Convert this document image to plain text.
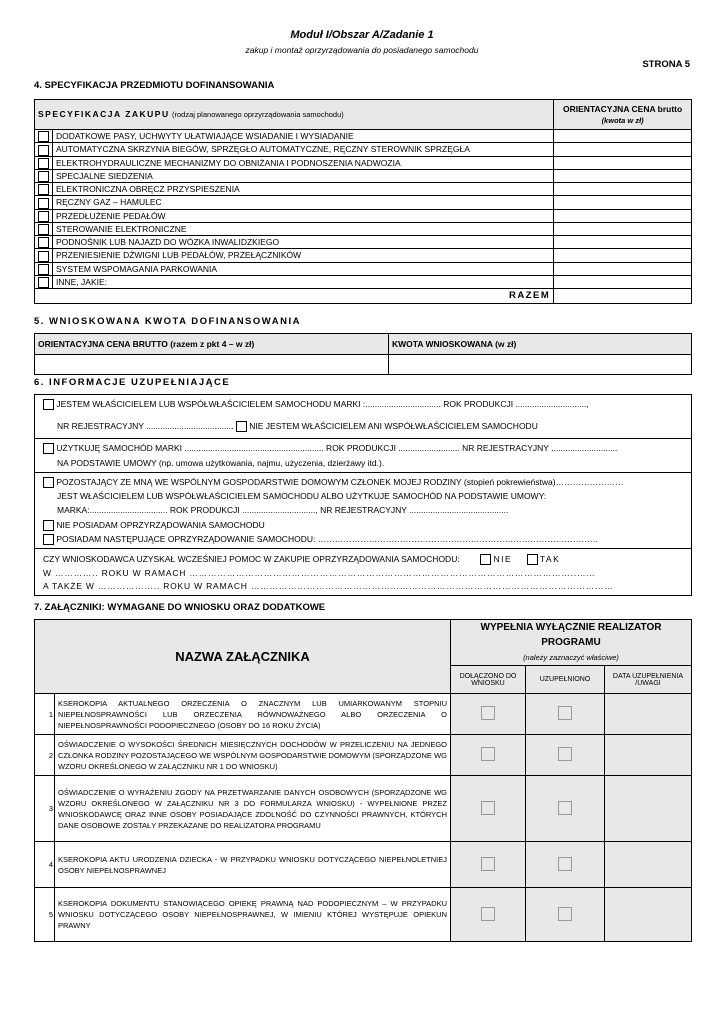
Moduł I/Obszar A/Zadanie 1
zakup i montaż oprzyrządowania do posiadanego samochodu
STRONA 5
4. SPECYFIKACJA PRZEDMIOTU DOFINANSOWANIA
SPECYFIKACJA ZAKUPU (rodzaj planowanego oprzyrządowania samochodu)		ORIENTACYJNA CENA brutto
(kwota w zł)
	DODATKOWE PASY, UCHWYTY UŁATWIAJĄCE WSIADANIE I WYSIADANIE	
	AUTOMATYCZNA SKRZYNIA BIEGÓW, SPRZĘGŁO AUTOMATYCZNE, RĘCZNY STEROWNIK SPRZĘGŁA	
	ELEKTROHYDRAULICZNE MECHANIZMY DO OBNIŻANIA I PODNOSZENIA NADWOZIA	
	SPECJALNE SIEDZENIA	
	ELEKTRONICZNA OBRĘCZ PRZYSPIESZENIA	
	RĘCZNY GAZ – HAMULEC	
	PRZEDŁUŻENIE PEDAŁÓW	
	STEROWANIE ELEKTRONICZNE	
	PODNOŚNIK LUB NAJAZD DO WÓZKA INWALIDZKIEGO	
	PRZENIESIENIE DŹWIGNI LUB PEDAŁÓW, PRZEŁĄCZNIKÓW	
	SYSTEM WSPOMAGANIA PARKOWANIA	
	INNE, JAKIE:	
RAZEM		
5. WNIOSKOWANA KWOTA DOFINANSOWANIA
ORIENTACYJNA CENA BRUTTO (razem z pkt 4 – w zł)	KWOTA WNIOSKOWANA (w zł)

6. INFORMACJE UZUPEŁNIAJĄCE
JESTEM WŁAŚCICIELEM LUB WSPÓŁWŁAŚCICIELEM SAMOCHODU MARKI :................................ ROK PRODUKCJI ..............................,
NR REJESTRACYJNY ..................................... NIE JESTEM WŁAŚCICIELEM ANI WSPÓŁWŁAŚCICIELEM SAMOCHODU
UŻYTKUJĘ SAMOCHÓD MARKI ........................................................... ROK PRODUKCJI .......................... NR REJESTRACYJNY ............................
NA PODSTAWIE UMOWY (np. umowa użytkowania, najmu, użyczenia, dzierżawy itd.).
POZOSTAJĄCY ZE MNĄ WE WSPÓLNYM GOSPODARSTWIE DOMOWYM CZŁONEK MOJEJ RODZINY (stopień pokrewieństwa)……………………
JEST WŁAŚCICIELEM LUB WSPÓŁWŁAŚCICIELEM SAMOCHODU ALBO UŻYTKUJE SAMOCHÓD NA PODSTAWIE UMOWY:
MARKA:................................. ROK PRODUKCJI ..............................., NR REJESTRACYJNY ..........................................
NIE POSIADAM OPRZYRZĄDOWANIA SAMOCHODU
POSIADAM NASTĘPUJĄCE OPRZYRZĄDOWANIE SAMOCHODU: ………………………………………………………………………………………
CZY WNIOSKODAWCA UZYSKAŁ WCZEŚNIEJ POMOC W ZAKUPIE OPRZYRZĄDOWANIA SAMOCHODU:	NIE	TAK
W ………….. ROKU W RAMACH ……………………………………………………………………………………………………………..……
A TAKŻE W ……………….. ROKU W RAMACH ………………………………………………………………………………………………………
7. ZAŁĄCZNIKI: WYMAGANE DO WNIOSKU ORAZ DODATKOWE
NAZWA ZAŁĄCZNIKA		WYPEŁNIA WYŁĄCZNIE REALIZATOR PROGRAMU
(należy zaznaczyć właściwe)		
		DOŁĄCZONO DO WNIOSKU	UZUPEŁNIONO	DATA UZUPEŁNIENIA /UWAGI
1	KSEROKOPIA AKTUALNEGO ORZECZENIA O ZNACZNYM LUB UMIARKOWANYM STOPNIU NIEPEŁNOSPRAWNOŚCI LUB ORZECZENIA RÓWNOWAŻNEGO ALBO ORZECZENIA O NIEPEŁNOSPRAWNOŚCI PODOPIECZNEGO (OSOBY DO 16 ROKU ŻYCIA)			
2	OŚWIADCZENIE O WYSOKOŚCI ŚREDNICH MIESIĘCZNYCH DOCHODÓW W PRZELICZENIU NA JEDNEGO CZŁONKA RODZINY POZOSTAJĄCEGO WE WSPÓLNYM GOSPODARSTWIE DOMOWYM (SPORZĄDZONE WG WZORU OKREŚLONEGO W ZAŁĄCZNIKU NR 1 DO WNIOSKU)			
3	OŚWIADCZENIE O WYRAŻENIU ZGODY NA PRZETWARZANIE DANYCH OSOBOWYCH (SPORZĄDZONE WG WZORU OKREŚLONEGO W ZAŁĄCZNIKU NR 3 DO FORMULARZA WNIOSKU) - WYPEŁNIONE PRZEZ WNIOSKODAWCĘ ORAZ INNE OSOBY POSIADAJĄCE ZDOLNOŚĆ DO CZYNNOŚCI PRAWNYCH, KTÓRYCH DANE OSOBOWE ZOSTAŁY PRZEKAZANE DO REALIZATORA PROGRAMU			
4	KSEROKOPIA AKTU URODZENIA DZIECKA - W PRZYPADKU WNIOSKU DOTYCZĄCEGO NIEPEŁNOLETNIEJ OSOBY NIEPEŁNOSPRAWNEJ			
5	KSEROKOPIA DOKUMENTU STANOWIĄCEGO OPIEKĘ PRAWNĄ NAD PODOPIECZNYM – W PRZYPADKU WNIOSKU DOTYCZĄCEGO OSOBY NIEPEŁNOSPRAWNEJ, W IMIENIU KTÓREJ WYSTĘPUJE OPIEKUN PRAWNY			
